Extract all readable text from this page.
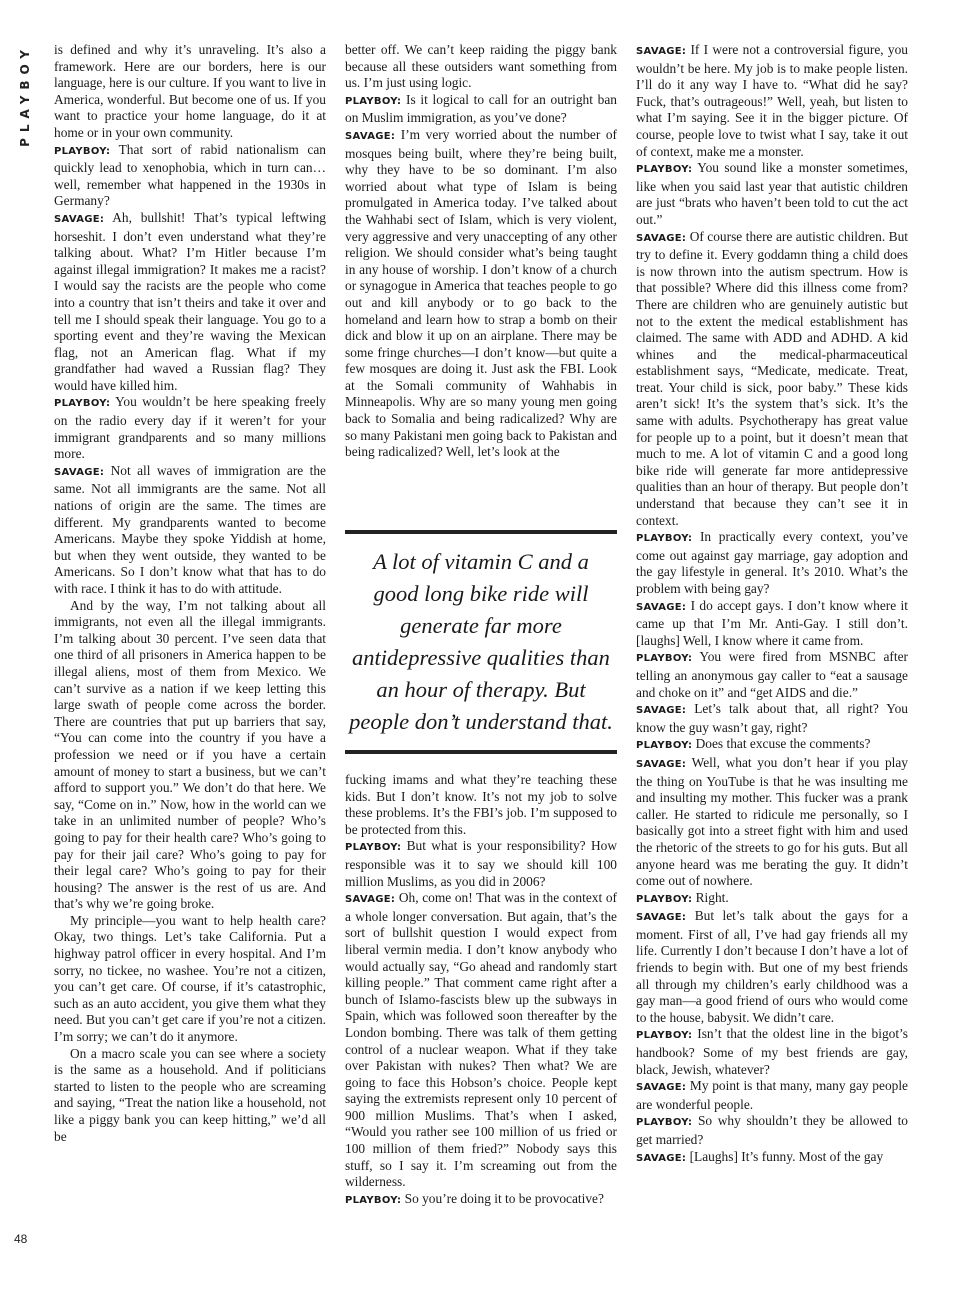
PLAYBOY	is defined and why it’s unraveling. It’s also a framework. Here are our borders, here is our language, here is our culture. If you want to live in America, wonderful. But become one of us. If you want to practice your home language, do it at home or in your own community.

PLAYBOY: That sort of rabid nationalism can quickly lead to xenophobia, which in turn can…well, remember what happened in the 1930s in Germany?

SAVAGE: Ah, bullshit! That’s typical leftwing horseshit. I don’t even understand what they’re talking about. What? I’m Hitler because I’m against illegal immigration? It makes me a racist? I would say the racists are the people who come into a country that isn’t theirs and take it over and tell me I should speak their language. You go to a sporting event and they’re waving the Mexican flag, not an American flag. What if my grandfather had waved a Russian flag? They would have killed him.

PLAYBOY: You wouldn’t be here speaking freely on the radio every day if it weren’t for your immigrant grandparents and so many millions more.

SAVAGE: Not all waves of immigration are the same. Not all immigrants are the same. Not all nations of origin are the same. The times are different. My grandparents wanted to become Americans. Maybe they spoke Yiddish at home, but when they went outside, they wanted to be Americans. So I don’t know what that has to do with race. I think it has to do with attitude.

And by the way, I’m not talking about all immigrants, not even all the illegal immigrants. I’m talking about 30 percent. I’ve seen data that one third of all prisoners in America happen to be illegal aliens, most of them from Mexico. We can’t survive as a nation if we keep letting this large swath of people come across the border. There are countries that put up barriers that say, “You can come into the country if you have a profession we need or if you have a certain amount of money to start a business, but we can’t afford to support you.” We don’t do that here. We say, “Come on in.” Now, how in the world can we take in an unlimited number of people? Who’s going to pay for their health care? Who’s going to pay for their jail care? Who’s going to pay for their legal care? Who’s going to pay for their housing? The answer is the rest of us are. And that’s why we’re going broke.

My principle—you want to help health care? Okay, two things. Let’s take California. Put a highway patrol officer in every hospital. And I’m sorry, no tickee, no washee. You’re not a citizen, you can’t get care. Of course, if it’s catastrophic, such as an auto accident, you give them what they need. But you can’t get care if you’re not a citizen. I’m sorry; we can’t do it anymore.

On a macro scale you can see where a society is the same as a household. And if politicians started to listen to the people who are screaming and saying, “Treat the nation like a household, not like a piggy bank you can keep hitting,” we’d all be

better off. We can’t keep raiding the piggy bank because all these outsiders want something from us. I’m just using logic.

PLAYBOY: Is it logical to call for an outright ban on Muslim immigration, as you’ve done?

SAVAGE: I’m very worried about the number of mosques being built, where they’re being built, why they have to be so dominant. I’m also worried about what type of Islam is being promulgated in America today. I’ve talked about the Wahhabi sect of Islam, which is very violent, very aggressive and very unaccepting of any other religion. We should consider what’s being taught in any house of worship. I don’t know of a church or synagogue in America that teaches people to go out and kill anybody or to go back to the homeland and learn how to strap a bomb on their dick and blow it up on an airplane. There may be some fringe churches—I don’t know—but quite a few mosques are doing it. Just ask the FBI. Look at the Somali community of Wahhabis in Minneapolis. Why are so many young men going back to Somalia and being radicalized? Why are so many Pakistani men going back to Pakistan and being radicalized? Well, let’s look at the

A lot of vitamin C and a good long bike ride will generate far more antidepressive qualities than an hour of therapy. But people don’t understand that.

fucking imams and what they’re teaching these kids. But I don’t know. It’s not my job to solve these problems. It’s the FBI’s job. I’m supposed to be protected from this.

PLAYBOY: But what is your responsibility? How responsible was it to say we should kill 100 million Muslims, as you did in 2006?

SAVAGE: Oh, come on! That was in the context of a whole longer conversation. But again, that’s the sort of bullshit question I would expect from liberal vermin media. I don’t know anybody who would actually say, “Go ahead and randomly start killing people.” That comment came right after a bunch of Islamo-fascists blew up the subways in Spain, which was followed soon thereafter by the London bombing. There was talk of them getting control of a nuclear weapon. What if they take over Pakistan with nukes? Then what? We are going to face this Hobson’s choice. People kept saying the extremists represent only 10 percent of 900 million Muslims. That’s when I asked, “Would you rather see 100 million of us fried or 100 million of them fried?” Nobody says this stuff, so I say it. I’m screaming out from the wilderness.

PLAYBOY: So you’re doing it to be provocative?

SAVAGE: If I were not a controversial figure, you wouldn’t be here. My job is to make people listen. I’ll do it any way I have to. “What did he say? Fuck, that’s outrageous!” Well, yeah, but listen to what I’m saying. See it in the bigger picture. Of course, people love to twist what I say, take it out of context, make me a monster.

PLAYBOY: You sound like a monster sometimes, like when you said last year that autistic children are just “brats who haven’t been told to cut the act out.”

SAVAGE: Of course there are autistic children. But try to define it. Every goddamn thing a child does is now thrown into the autism spectrum. How is that possible? Where did this illness come from? There are children who are genuinely autistic but not to the extent the medical establishment has claimed. The same with ADD and ADHD. A kid whines and the medical-pharmaceutical establishment says, “Medicate, medicate. Treat, treat. Your child is sick, poor baby.” These kids aren’t sick! It’s the system that’s sick. It’s the same with adults. Psychotherapy has great value for people up to a point, but it doesn’t mean that much to me. A lot of vitamin C and a good long bike ride will generate far more antidepressive qualities than an hour of therapy. But people don’t understand that because they can’t see it in context.

PLAYBOY: In practically every context, you’ve come out against gay marriage, gay adoption and the gay lifestyle in general. It’s 2010. What’s the problem with being gay?

SAVAGE: I do accept gays. I don’t know where it came up that I’m Mr. Anti-Gay. I still don’t. [laughs] Well, I know where it came from.

PLAYBOY: You were fired from MSNBC after telling an anonymous gay caller to “eat a sausage and choke on it” and “get AIDS and die.”

SAVAGE: Let’s talk about that, all right? You know the guy wasn’t gay, right?

PLAYBOY: Does that excuse the comments?

SAVAGE: Well, what you don’t hear if you play the thing on YouTube is that he was insulting me and insulting my mother. This fucker was a prank caller. He started to ridicule me personally, so I basically got into a street fight with him and used the rhetoric of the streets to go for his guts. But all anyone heard was me berating the guy. It didn’t come out of nowhere.

PLAYBOY: Right.

SAVAGE: But let’s talk about the gays for a moment. First of all, I’ve had gay friends all my life. Currently I don’t because I don’t have a lot of friends to begin with. But one of my best friends all through my children’s early childhood was a gay man—a good friend of ours who would come to the house, babysit. We didn’t care.

PLAYBOY: Isn’t that the oldest line in the bigot’s handbook? Some of my best friends are gay, black, Jewish, whatever?

SAVAGE: My point is that many, many gay people are wonderful people.

PLAYBOY: So why shouldn’t they be allowed to get married?

SAVAGE: [Laughs] It’s funny. Most of the gay

48
